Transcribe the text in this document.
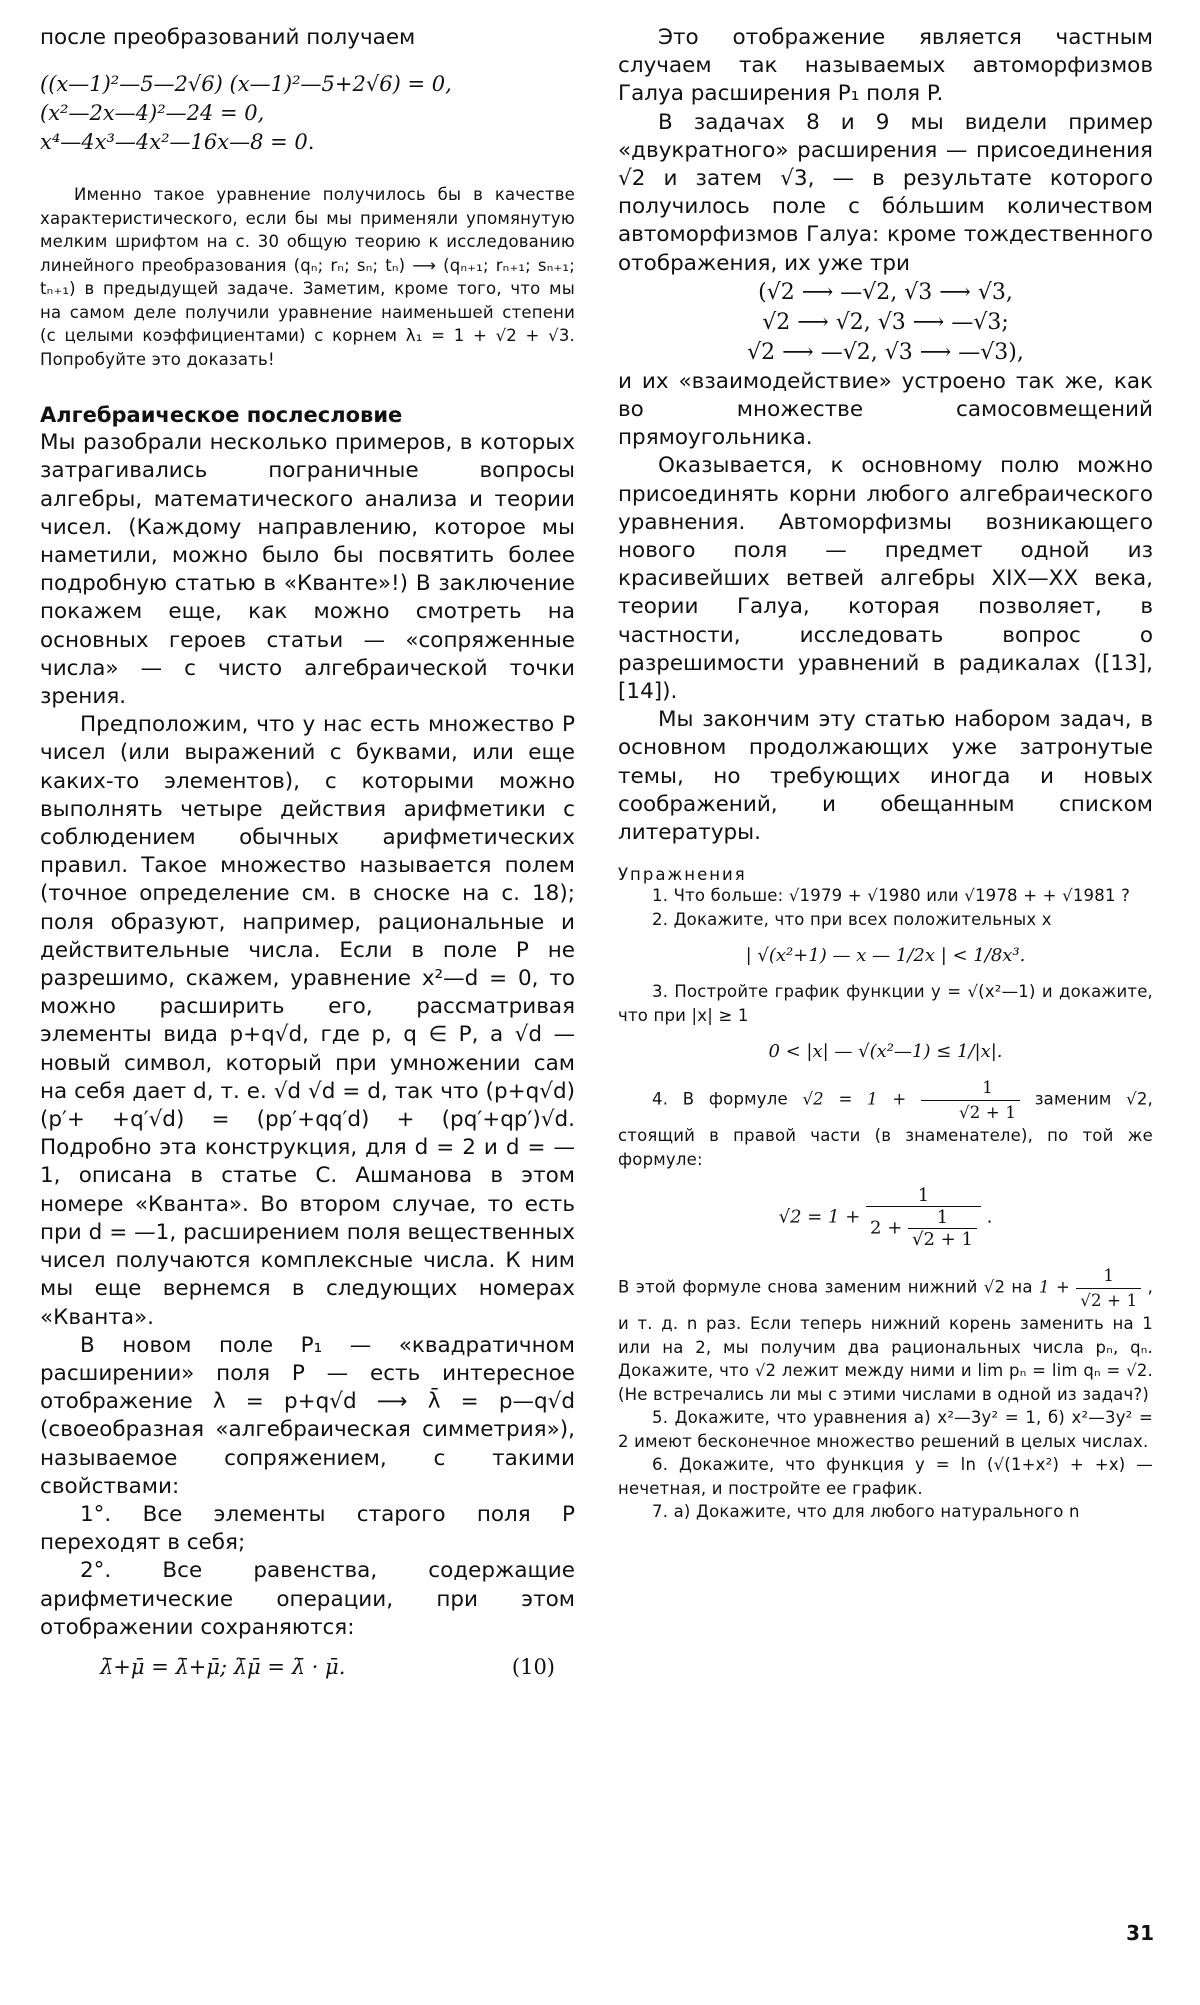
после преобразований получаем

((x—1)²—5—2√6) (x—1)²—5+2√6) = 0,

(x²—2x—4)²—24 = 0,

x⁴—4x³—4x²—16x—8 = 0.

Именно такое уравнение получилось бы в качестве характеристического, если бы мы применяли упомянутую мелким шрифтом на с. 30 общую теорию к исследованию линейного преобразования (qₙ; rₙ; sₙ; tₙ) ⟶ (qₙ₊₁; rₙ₊₁; sₙ₊₁; tₙ₊₁) в предыдущей задаче. Заметим, кроме того, что мы на самом деле получили уравнение наименьшей степени (с целыми коэффициентами) с корнем λ₁ = 1 + √2 + √3. Попробуйте это доказать!

Алгебраическое послесловие

Мы разобрали несколько примеров, в которых затрагивались пограничные вопросы алгебры, математического анализа и теории чисел. (Каждому направлению, которое мы наметили, можно было бы посвятить более подробную статью в «Кванте»!) В заключение покажем еще, как можно смотреть на основных героев статьи — «сопряженные числа» — с чисто алгебраической точки зрения.

Предположим, что у нас есть множество P чисел (или выражений с буквами, или еще каких-то элементов), с которыми можно выполнять четыре действия арифметики с соблюдением обычных арифметических правил. Такое множество называется полем (точное определение см. в сноске на с. 18); поля образуют, например, рациональные и действительные числа. Если в поле P не разрешимо, скажем, уравнение x²—d = 0, то можно расширить его, рассматривая элементы вида p+q√d, где p, q ∈ P, а √d — новый символ, который при умножении сам на себя дает d, т. е. √d √d = d, так что (p+q√d)(p′+ +q′√d) = (pp′+qq′d) + (pq′+qp′)√d. Подробно эта конструкция, для d = 2 и d = —1, описана в статье С. Ашманова в этом номере «Кванта». Во втором случае, то есть при d = —1, расширением поля вещественных чисел получаются комплексные числа. К ним мы еще вернемся в следующих номерах «Кванта».

В новом поле P₁ — «квадратичном расширении» поля P — есть интересное отображение λ = p+q√d ⟶ λ̄ = p—q√d (своеобразная «алгебраическая симметрия»), называемое сопряжением, с такими свойствами:

1°. Все элементы старого поля P переходят в себя;

2°. Все равенства, содержащие арифметические операции, при этом отображении сохраняются:

λ̄+μ̄ = λ̄+μ̄; λ̄μ̄ = λ̄ · μ̄.	(10)

Это отображение является частным случаем так называемых автоморфизмов Галуа расширения P₁ поля P.

В задачах 8 и 9 мы видели пример «двукратного» расширения — присоединения √2 и затем √3, — в результате которого получилось поле с бо́льшим количеством автоморфизмов Галуа: кроме тождественного отображения, их уже три

(√2 ⟶ —√2, √3 ⟶ √3,

√2 ⟶ √2, √3 ⟶ —√3;

√2 ⟶ —√2, √3 ⟶ —√3),

и их «взаимодействие» устроено так же, как во множестве самосовмещений прямоугольника.

Оказывается, к основному полю можно присоединять корни любого алгебраического уравнения. Автоморфизмы возникающего нового поля — предмет одной из красивейших ветвей алгебры XIX—XX века, теории Галуа, которая позволяет, в частности, исследовать вопрос о разрешимости уравнений в радикалах ([13], [14]).

Мы закончим эту статью набором задач, в основном продолжающих уже затронутые темы, но требующих иногда и новых соображений, и обещанным списком литературы.

Упражнения

1. Что больше: √1979 + √1980 или √1978 + + √1981 ?

2. Докажите, что при всех положительных x

| √(x²+1) — x — 1/2x | < 1/8x³.

3. Постройте график функции y = √(x²—1) и докажите, что при |x| ≥ 1

0 < |x| — √(x²—1) ≤ 1/|x|.

4. В формуле $√2 = 1 + \frac{1}{√2 + 1}$ заменим √2, стоящий в правой части (в знаменателе), по той же формуле:

$√2 = 1 + \frac{1}{2 + \frac{1}{√2 + 1}}$ .

В этой формуле снова заменим нижний √2 на $1 + \frac{1}{√2 + 1}$ , и т. д. n раз. Если теперь нижний корень заменить на 1 или на 2, мы получим два рациональных числа pₙ, qₙ. Докажите, что √2 лежит между ними и lim pₙ = lim qₙ = √2. (Не встречались ли мы с этими числами в одной из задач?)

5. Докажите, что уравнения а) x²—3y² = 1, б) x²—3y² = 2 имеют бесконечное множество решений в целых числах.

6. Докажите, что функция y = ln (√(1+x²) + +x) — нечетная, и постройте ее график.

7. а) Докажите, что для любого натурального n

31
